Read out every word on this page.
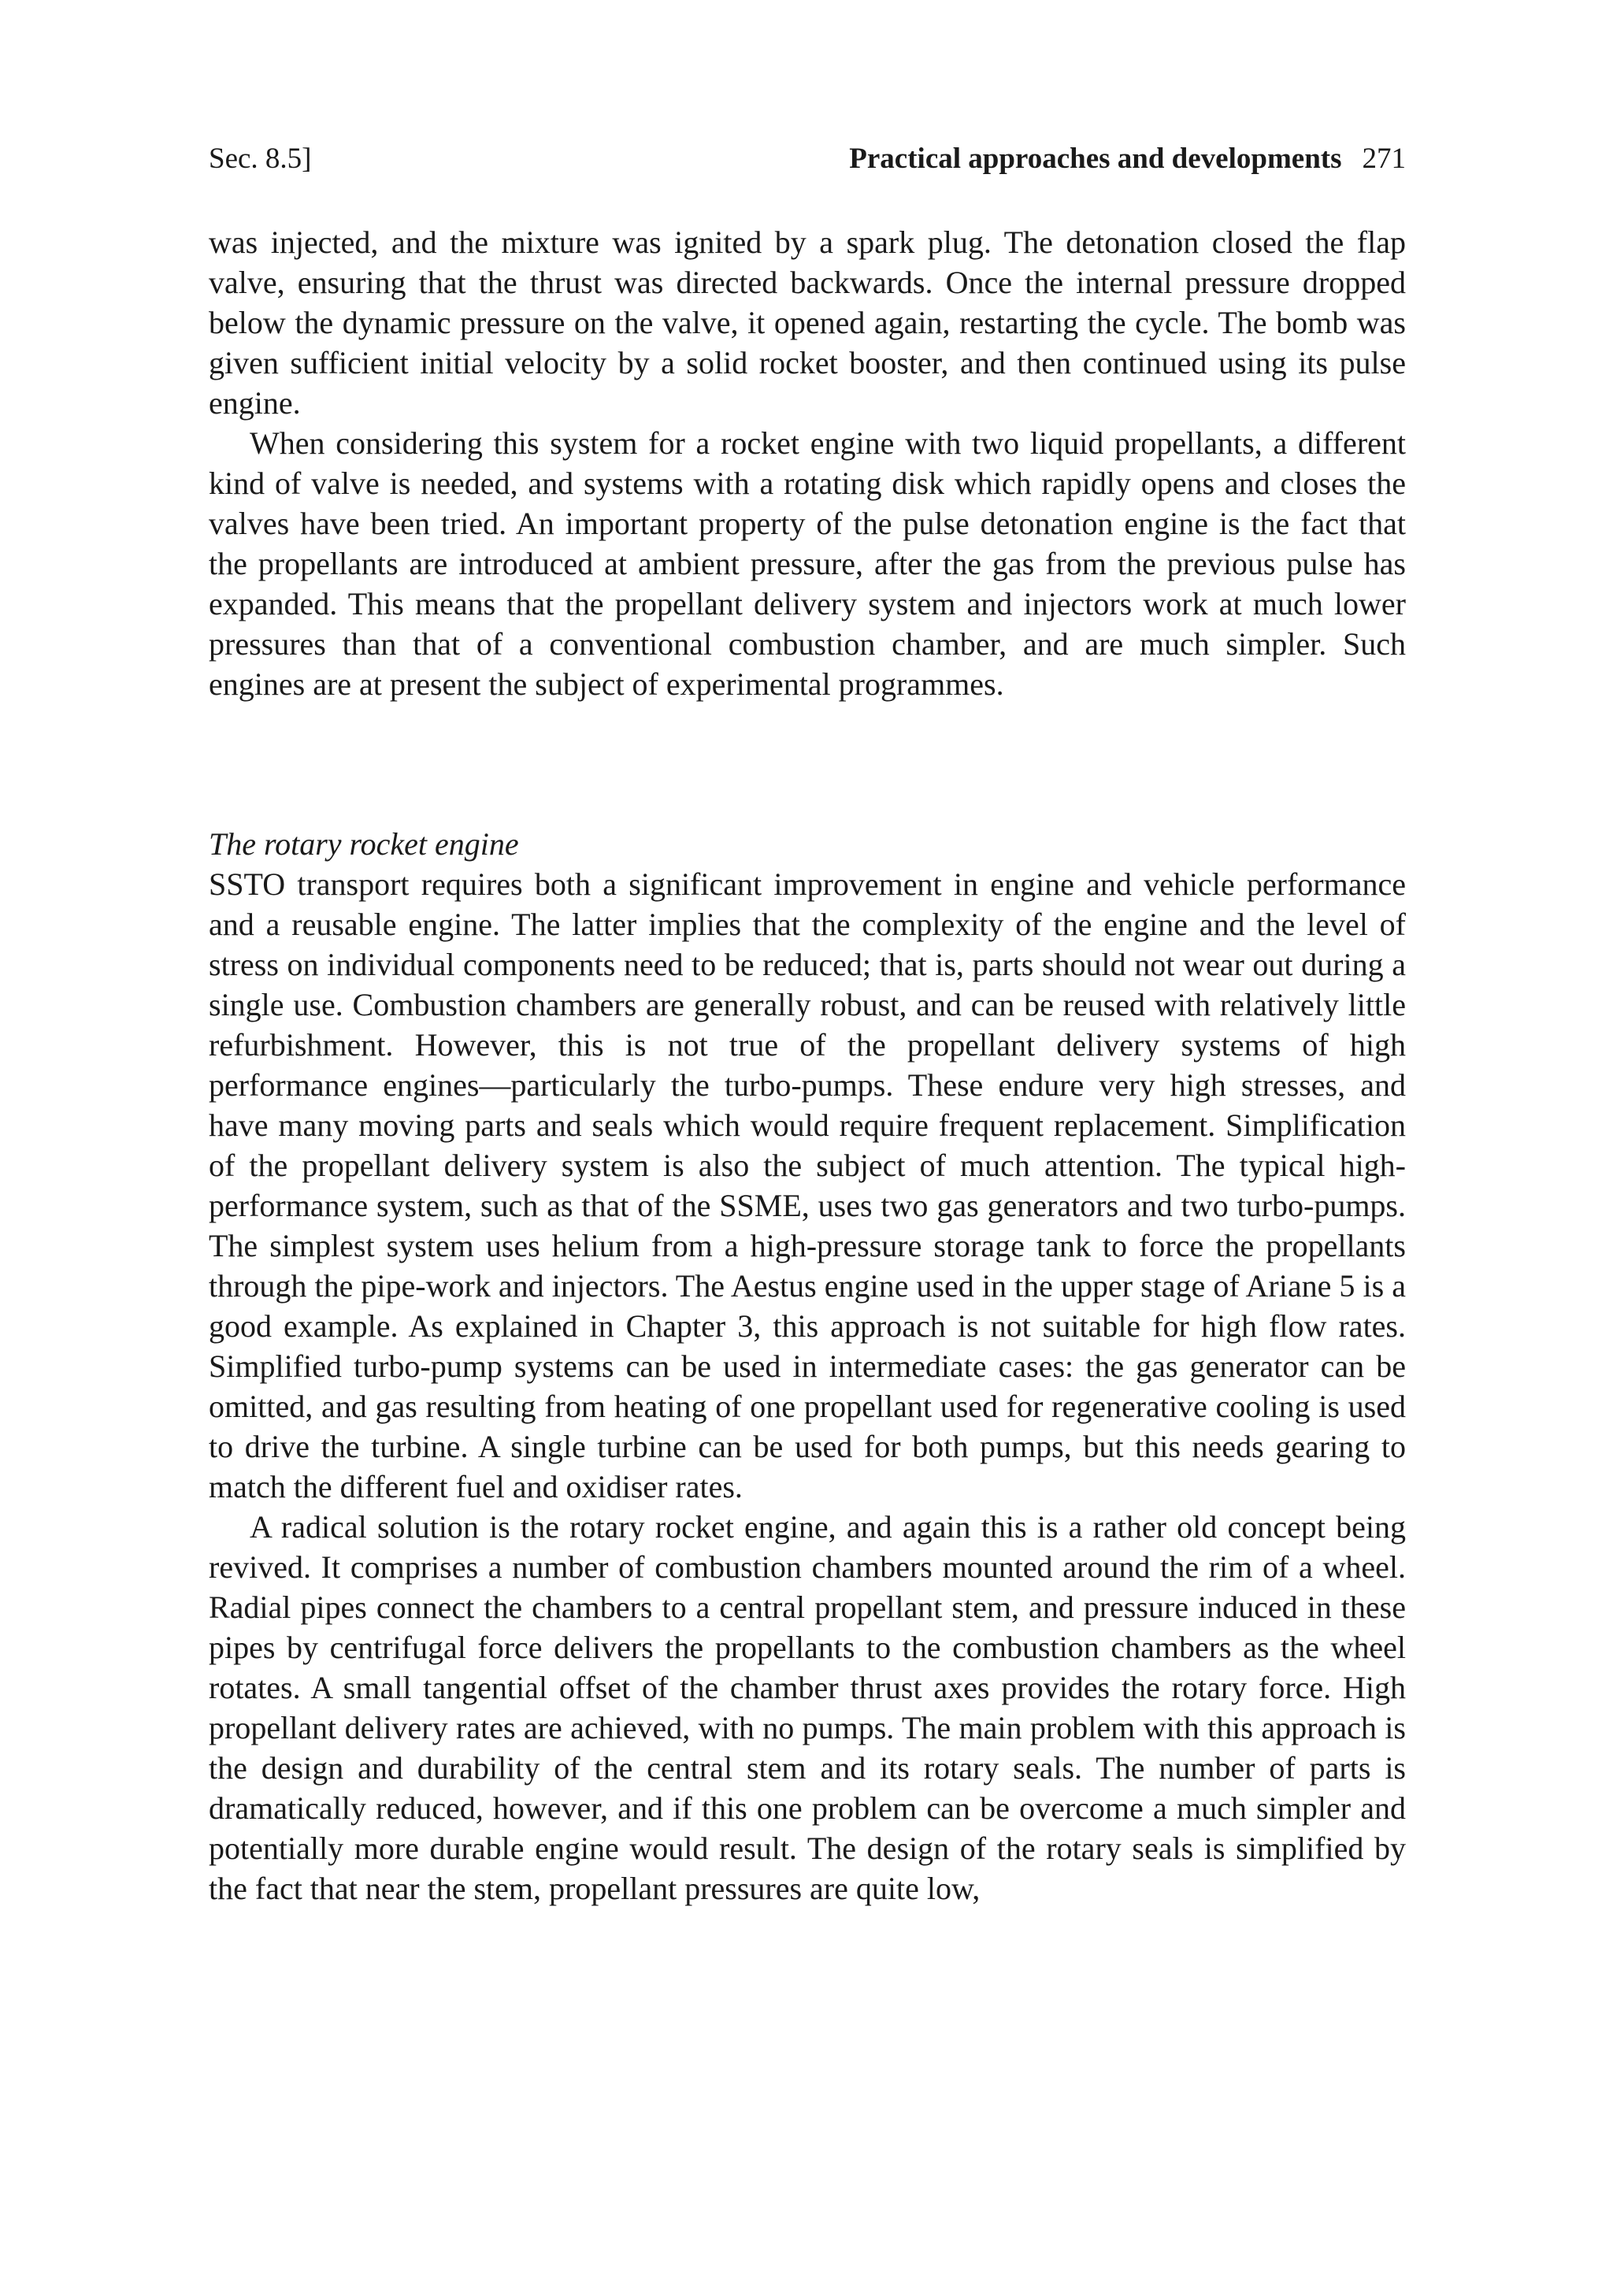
Sec. 8.5]	Practical approaches and developments 271

was injected, and the mixture was ignited by a spark plug. The detonation closed the flap valve, ensuring that the thrust was directed backwards. Once the internal pressure dropped below the dynamic pressure on the valve, it opened again, restarting the cycle. The bomb was given sufficient initial velocity by a solid rocket booster, and then continued using its pulse engine.

When considering this system for a rocket engine with two liquid propellants, a different kind of valve is needed, and systems with a rotating disk which rapidly opens and closes the valves have been tried. An important property of the pulse detonation engine is the fact that the propellants are introduced at ambient pressure, after the gas from the previous pulse has expanded. This means that the propellant delivery system and injectors work at much lower pressures than that of a conventional combustion chamber, and are much simpler. Such engines are at present the subject of experimental programmes.

The rotary rocket engine

SSTO transport requires both a significant improvement in engine and vehicle performance and a reusable engine. The latter implies that the complexity of the engine and the level of stress on individual components need to be reduced; that is, parts should not wear out during a single use. Combustion chambers are generally robust, and can be reused with relatively little refurbishment. However, this is not true of the propellant delivery systems of high performance engines—particularly the turbo-pumps. These endure very high stresses, and have many moving parts and seals which would require frequent replacement. Simplification of the propellant delivery system is also the subject of much attention. The typical high-performance system, such as that of the SSME, uses two gas generators and two turbo-pumps. The simplest system uses helium from a high-pressure storage tank to force the propellants through the pipe-work and injectors. The Aestus engine used in the upper stage of Ariane 5 is a good example. As explained in Chapter 3, this approach is not suitable for high flow rates. Simplified turbo-pump systems can be used in intermediate cases: the gas generator can be omitted, and gas resulting from heating of one propellant used for regenerative cooling is used to drive the turbine. A single turbine can be used for both pumps, but this needs gearing to match the different fuel and oxidiser rates.

A radical solution is the rotary rocket engine, and again this is a rather old concept being revived. It comprises a number of combustion chambers mounted around the rim of a wheel. Radial pipes connect the chambers to a central propellant stem, and pressure induced in these pipes by centrifugal force delivers the propellants to the combustion chambers as the wheel rotates. A small tangential offset of the chamber thrust axes provides the rotary force. High propellant delivery rates are achieved, with no pumps. The main problem with this approach is the design and durability of the central stem and its rotary seals. The number of parts is dramatically reduced, however, and if this one problem can be overcome a much simpler and potentially more durable engine would result. The design of the rotary seals is simplified by the fact that near the stem, propellant pressures are quite low,
